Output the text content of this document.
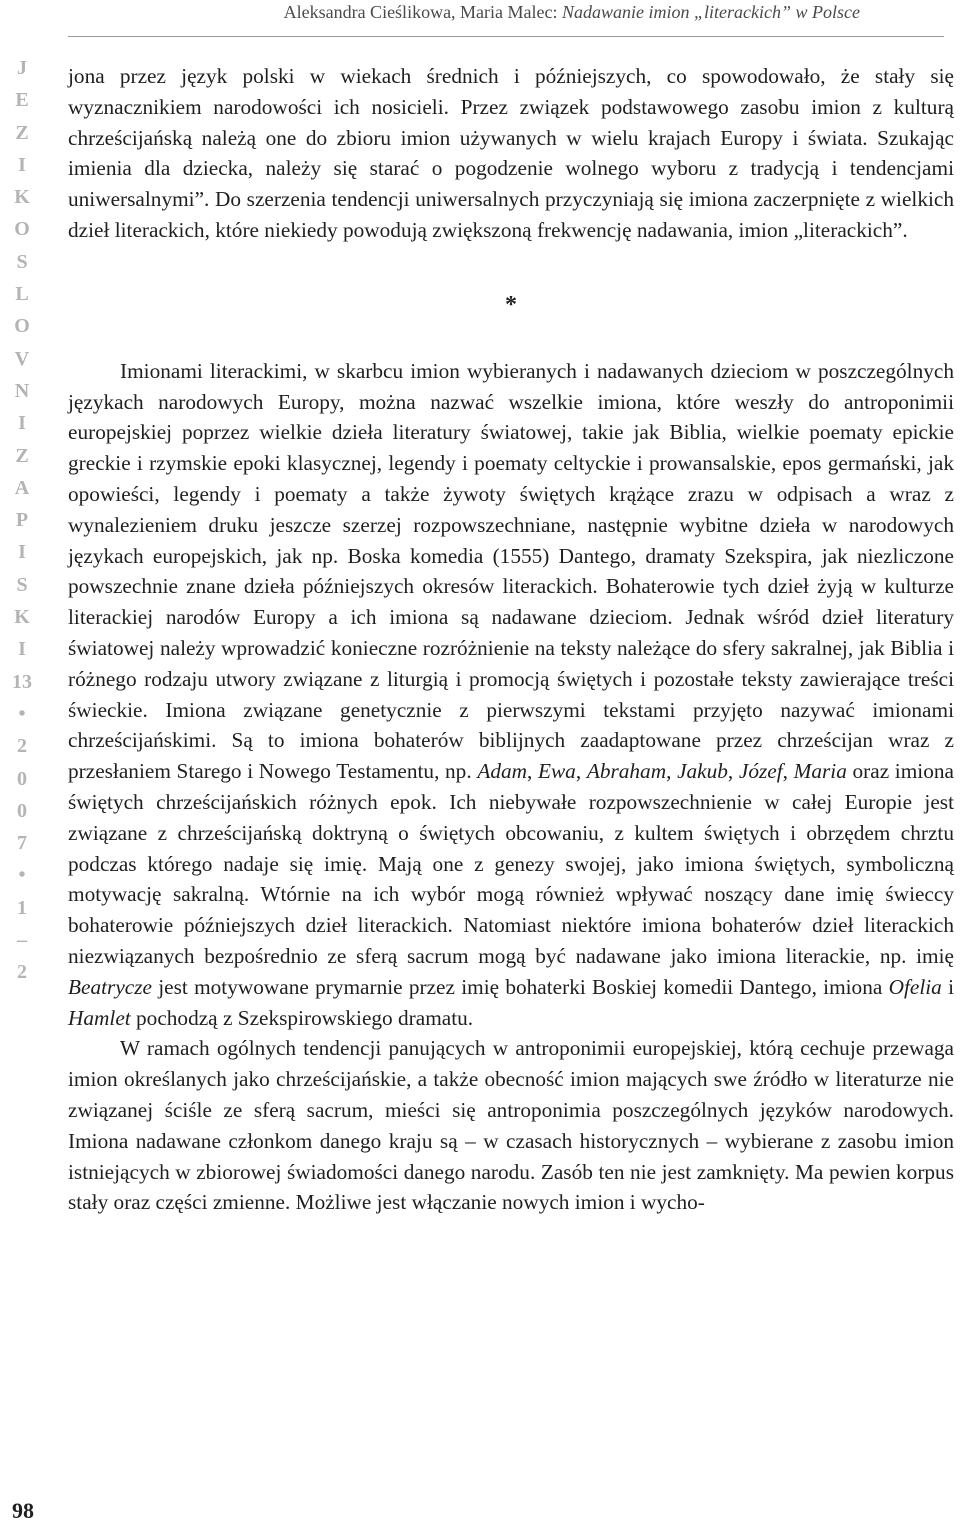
Aleksandra Cieślikowa, Maria Malec: Nadawanie imion „literackich” w Polsce
J
E
Z
I
K
O
S
L
O
V
N
I
Z
A
P
I
S
K
I
13
•
2
0
0
7
•
1
–
2
98

jona przez język polski w wiekach średnich i późniejszych, co spowodowało, że stały się wyznacznikiem narodowości ich nosicieli. Przez związek podstawowego zasobu imion z kulturą chrześcijańską należą one do zbioru imion używanych w wielu krajach Europy i świata. Szukając imienia dla dziecka, należy się starać o pogodzenie wolnego wyboru z tradycją i tendencjami uniwersalnymi”. Do szerzenia tendencji uniwersalnych przyczyniają się imiona zaczerpnięte z wielkich dzieł literackich, które niekiedy powodują zwiększoną frekwencję nadawania, imion „literackich”.

*

Imionami literackimi, w skarbcu imion wybieranych i nadawanych dzieciom w poszczególnych językach narodowych Europy, można nazwać wszelkie imiona, które weszły do antroponimii europejskiej poprzez wielkie dzieła literatury światowej, takie jak Biblia, wielkie poematy epickie greckie i rzymskie epoki klasycznej, legendy i poematy celtyckie i prowansalskie, epos germański, jak opowieści, legendy i poematy a także żywoty świętych krążące zrazu w odpisach a wraz z wynalezieniem druku jeszcze szerzej rozpowszechniane, następnie wybitne dzieła w narodowych językach europejskich, jak np. Boska komedia (1555) Dantego, dramaty Szekspira, jak niezliczone powszechnie znane dzieła późniejszych okresów literackich. Bohaterowie tych dzieł żyją w kulturze literackiej narodów Europy a ich imiona są nadawane dzieciom. Jednak wśród dzieł literatury światowej należy wprowadzić konieczne rozróżnienie na teksty należące do sfery sakralnej, jak Biblia i różnego rodzaju utwory związane z liturgią i promocją świętych i pozostałe teksty zawierające treści świeckie. Imiona związane genetycznie z pierwszymi tekstami przyjęto nazywać imionami chrześcijańskimi. Są to imiona bohaterów biblijnych zaadaptowane przez chrześcijan wraz z przesłaniem Starego i Nowego Testamentu, np. Adam, Ewa, Abraham, Jakub, Józef, Maria oraz imiona świętych chrześcijańskich różnych epok. Ich niebywałe rozpowszechnienie w całej Europie jest związane z chrześcijańską doktryną o świętych obcowaniu, z kultem świętych i obrzędem chrztu podczas którego nadaje się imię. Mają one z genezy swojej, jako imiona świętych, symboliczną motywację sakralną. Wtórnie na ich wybór mogą również wpływać noszący dane imię świeccy bohaterowie późniejszych dzieł literackich. Natomiast niektóre imiona bohaterów dzieł literackich niezwiązanych bezpośrednio ze sferą sacrum mogą być nadawane jako imiona literackie, np. imię Beatrycze jest motywowane prymarnie przez imię bohaterki Boskiej komedii Dantego, imiona Ofelia i Hamlet pochodzą z Szekspirowskiego dramatu.

W ramach ogólnych tendencji panujących w antroponimii europejskiej, którą cechuje przewaga imion określanych jako chrześcijańskie, a także obecność imion mających swe źródło w literaturze nie związanej ściśle ze sferą sacrum, mieści się antroponimia poszczególnych języków narodowych. Imiona nadawane członkom danego kraju są – w czasach historycznych – wybierane z zasobu imion istniejących w zbiorowej świadomości danego narodu. Zasób ten nie jest zamknięty. Ma pewien korpus stały oraz części zmienne. Możliwe jest włączanie nowych imion i wycho-
